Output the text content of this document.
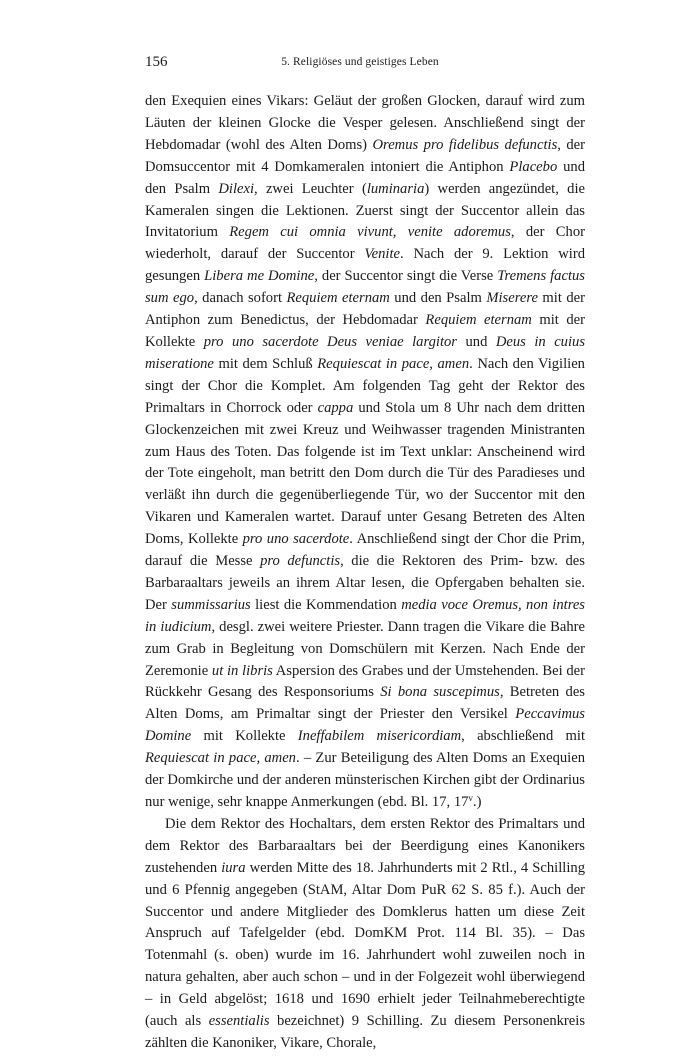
156	5. Religiöses und geistiges Leben

den Exequien eines Vikars: Geläut der großen Glocken, darauf wird zum Läuten der kleinen Glocke die Vesper gelesen. Anschließend singt der Hebdomadar (wohl des Alten Doms) Oremus pro fidelibus defunctis, der Domsuccentor mit 4 Domkameralen intoniert die Antiphon Placebo und den Psalm Dilexi, zwei Leuchter (luminaria) werden angezündet, die Kameralen singen die Lektionen. Zuerst singt der Succentor allein das Invitatorium Regem cui omnia vivunt, venite adoremus, der Chor wiederholt, darauf der Succentor Venite. Nach der 9. Lektion wird gesungen Libera me Domine, der Succentor singt die Verse Tremens factus sum ego, danach sofort Requiem eternam und den Psalm Miserere mit der Antiphon zum Benedictus, der Hebdomadar Requiem eternam mit der Kollekte pro uno sacerdote Deus veniae largitor und Deus in cuius miseratione mit dem Schluß Requiescat in pace, amen. Nach den Vigilien singt der Chor die Komplet. Am folgenden Tag geht der Rektor des Primaltars in Chorrock oder cappa und Stola um 8 Uhr nach dem dritten Glockenzeichen mit zwei Kreuz und Weihwasser tragenden Ministranten zum Haus des Toten. Das folgende ist im Text unklar: Anscheinend wird der Tote eingeholt, man betritt den Dom durch die Tür des Paradieses und verläßt ihn durch die gegenüberliegende Tür, wo der Succentor mit den Vikaren und Kameralen wartet. Darauf unter Gesang Betreten des Alten Doms, Kollekte pro uno sacerdote. Anschließend singt der Chor die Prim, darauf die Messe pro defunctis, die die Rektoren des Prim- bzw. des Barbaraaltars jeweils an ihrem Altar lesen, die Opfergaben behalten sie. Der summissarius liest die Kommendation media voce Oremus, non intres in iudicium, desgl. zwei weitere Priester. Dann tragen die Vikare die Bahre zum Grab in Begleitung von Domschülern mit Kerzen. Nach Ende der Zeremonie ut in libris Aspersion des Grabes und der Umstehenden. Bei der Rückkehr Gesang des Responsoriums Si bona suscepimus, Betreten des Alten Doms, am Primaltar singt der Priester den Versikel Peccavimus Domine mit Kollekte Ineffabilem misericordiam, abschließend mit Requiescat in pace, amen. – Zur Beteiligung des Alten Doms an Exequien der Domkirche und der anderen münsterischen Kirchen gibt der Ordinarius nur wenige, sehr knappe Anmerkungen (ebd. Bl. 17, 17$^v$.)

Die dem Rektor des Hochaltars, dem ersten Rektor des Primaltars und dem Rektor des Barbaraaltars bei der Beerdigung eines Kanonikers zustehenden iura werden Mitte des 18. Jahrhunderts mit 2 Rtl., 4 Schilling und 6 Pfennig angegeben (StAM, Altar Dom PuR 62 S. 85 f.). Auch der Succentor und andere Mitglieder des Domklerus hatten um diese Zeit Anspruch auf Tafelgelder (ebd. DomKM Prot. 114 Bl. 35). – Das Totenmahl (s. oben) wurde im 16. Jahrhundert wohl zuweilen noch in natura gehalten, aber auch schon – und in der Folgezeit wohl überwiegend – in Geld abgelöst; 1618 und 1690 erhielt jeder Teilnahmeberechtigte (auch als essentialis bezeichnet) 9 Schilling. Zu diesem Personenkreis zählten die Kanoniker, Vikare, Chorale,
